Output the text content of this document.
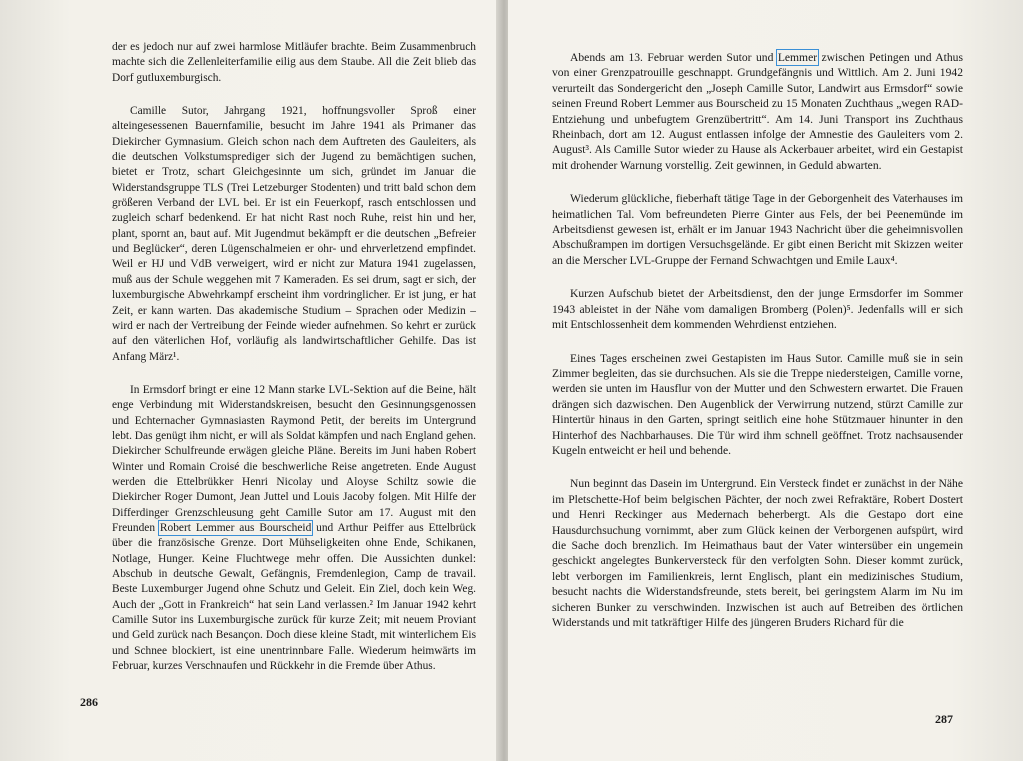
der es jedoch nur auf zwei harmlose Mitläufer brachte. Beim Zusammenbruch machte sich die Zellenleiterfamilie eilig aus dem Staube. All die Zeit blieb das Dorf gutluxemburgisch.

Camille Sutor, Jahrgang 1921, hoffnungsvoller Sproß einer alteingesessenen Bauernfamilie, besucht im Jahre 1941 als Primaner das Diekircher Gymnasium. Gleich schon nach dem Auftreten des Gauleiters, als die deutschen Volkstumsprediger sich der Jugend zu bemächtigen suchen, bietet er Trotz, schart Gleichgesinnte um sich, gründet im Januar die Widerstandsgruppe TLS (Trei Letzeburger Stodenten) und tritt bald schon dem größeren Verband der LVL bei. Er ist ein Feuerkopf, rasch entschlossen und zugleich scharf bedenkend. Er hat nicht Rast noch Ruhe, reist hin und her, plant, spornt an, baut auf. Mit Jugendmut bekämpft er die deutschen „Befreier und Beglücker“, deren Lügenschalmeien er ohr- und ehrverletzend empfindet. Weil er HJ und VdB verweigert, wird er nicht zur Matura 1941 zugelassen, muß aus der Schule weggehen mit 7 Kameraden. Es sei drum, sagt er sich, der luxemburgische Abwehrkampf erscheint ihm vordringlicher. Er ist jung, er hat Zeit, er kann warten. Das akademische Studium – Sprachen oder Medizin – wird er nach der Vertreibung der Feinde wieder aufnehmen. So kehrt er zurück auf den väterlichen Hof, vorläufig als landwirtschaftlicher Gehilfe. Das ist Anfang März¹.

In Ermsdorf bringt er eine 12 Mann starke LVL-Sektion auf die Beine, hält enge Verbindung mit Widerstandskreisen, besucht den Gesinnungsgenossen und Echternacher Gymnasiasten Raymond Petit, der bereits im Untergrund lebt. Das genügt ihm nicht, er will als Soldat kämpfen und nach England gehen. Diekircher Schulfreunde erwägen gleiche Pläne. Bereits im Juni haben Robert Winter und Romain Croisé die beschwerliche Reise angetreten. Ende August werden die Ettelbrükker Henri Nicolay und Aloyse Schiltz sowie die Diekircher Roger Dumont, Jean Juttel und Louis Jacoby folgen. Mit Hilfe der Differdinger Grenzschleusung geht Camille Sutor am 17. August mit den Freunden Robert Lemmer aus Bourscheid und Arthur Peiffer aus Ettelbrück über die französische Grenze. Dort Mühseligkeiten ohne Ende, Schikanen, Notlage, Hunger. Keine Fluchtwege mehr offen. Die Aussichten dunkel: Abschub in deutsche Gewalt, Gefängnis, Fremdenlegion, Camp de travail. Beste Luxemburger Jugend ohne Schutz und Geleit. Ein Ziel, doch kein Weg. Auch der „Gott in Frankreich“ hat sein Land verlassen.² Im Januar 1942 kehrt Camille Sutor ins Luxemburgische zurück für kurze Zeit; mit neuem Proviant und Geld zurück nach Besançon. Doch diese kleine Stadt, mit winterlichem Eis und Schnee blockiert, ist eine unentrinnbare Falle. Wiederum heimwärts im Februar, kurzes Verschnaufen und Rückkehr in die Fremde über Athus.

286

Abends am 13. Februar werden Sutor und Lemmer zwischen Petingen und Athus von einer Grenzpatrouille geschnappt. Grundgefängnis und Wittlich. Am 2. Juni 1942 verurteilt das Sondergericht den „Joseph Camille Sutor, Landwirt aus Ermsdorf“ sowie seinen Freund Robert Lemmer aus Bourscheid zu 15 Monaten Zuchthaus „wegen RAD-Entziehung und unbefugtem Grenzübertritt“. Am 14. Juni Transport ins Zuchthaus Rheinbach, dort am 12. August entlassen infolge der Amnestie des Gauleiters vom 2. August³. Als Camille Sutor wieder zu Hause als Ackerbauer arbeitet, wird ein Gestapist mit drohender Warnung vorstellig. Zeit gewinnen, in Geduld abwarten.

Wiederum glückliche, fieberhaft tätige Tage in der Geborgenheit des Vaterhauses im heimatlichen Tal. Vom befreundeten Pierre Ginter aus Fels, der bei Peenemünde im Arbeitsdienst gewesen ist, erhält er im Januar 1943 Nachricht über die geheimnisvollen Abschußrampen im dortigen Versuchsgelände. Er gibt einen Bericht mit Skizzen weiter an die Merscher LVL-Gruppe der Fernand Schwachtgen und Emile Laux⁴.

Kurzen Aufschub bietet der Arbeitsdienst, den der junge Ermsdorfer im Sommer 1943 ableistet in der Nähe vom damaligen Bromberg (Polen)⁵. Jedenfalls will er sich mit Entschlossenheit dem kommenden Wehrdienst entziehen.

Eines Tages erscheinen zwei Gestapisten im Haus Sutor. Camille muß sie in sein Zimmer begleiten, das sie durchsuchen. Als sie die Treppe niedersteigen, Camille vorne, werden sie unten im Hausflur von der Mutter und den Schwestern erwartet. Die Frauen drängen sich dazwischen. Den Augenblick der Verwirrung nutzend, stürzt Camille zur Hintertür hinaus in den Garten, springt seitlich eine hohe Stützmauer hinunter in den Hinterhof des Nachbarhauses. Die Tür wird ihm schnell geöffnet. Trotz nachsausender Kugeln entweicht er heil und behende.

Nun beginnt das Dasein im Untergrund. Ein Versteck findet er zunächst in der Nähe im Pletschette-Hof beim belgischen Pächter, der noch zwei Refraktäre, Robert Dostert und Henri Reckinger aus Medernach beherbergt. Als die Gestapo dort eine Hausdurchsuchung vornimmt, aber zum Glück keinen der Verborgenen aufspürt, wird die Sache doch brenzlich. Im Heimathaus baut der Vater wintersüber ein ungemein geschickt angelegtes Bunkerversteck für den verfolgten Sohn. Dieser kommt zurück, lebt verborgen im Familienkreis, lernt Englisch, plant ein medizinisches Studium, besucht nachts die Widerstandsfreunde, stets bereit, bei geringstem Alarm im Nu im sicheren Bunker zu verschwinden. Inzwischen ist auch auf Betreiben des örtlichen Widerstands und mit tatkräftiger Hilfe des jüngeren Bruders Richard für die

287
